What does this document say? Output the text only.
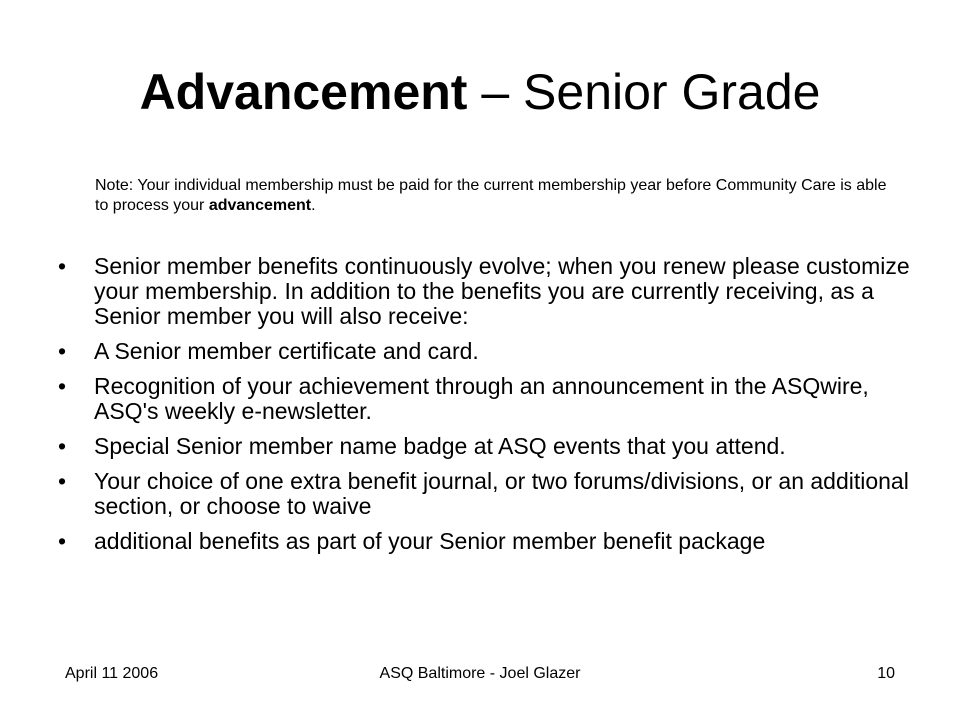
Advancement – Senior Grade
Note: Your individual membership must be paid for the current membership year before Community Care is able to process your advancement.
•	Senior member benefits continuously evolve; when you renew please customize your membership. In addition to the benefits you are currently receiving, as a Senior member you will also receive:
•	A Senior member certificate and card.
•	Recognition of your achievement through an announcement in the ASQwire, ASQ's weekly e-newsletter.
•	Special Senior member name badge at ASQ events that you attend.
•	Your choice of one extra benefit journal, or two forums/divisions, or an additional section, or choose to waive
•	additional benefits as part of your Senior member benefit package
April 11 2006	ASQ Baltimore - Joel Glazer	10
